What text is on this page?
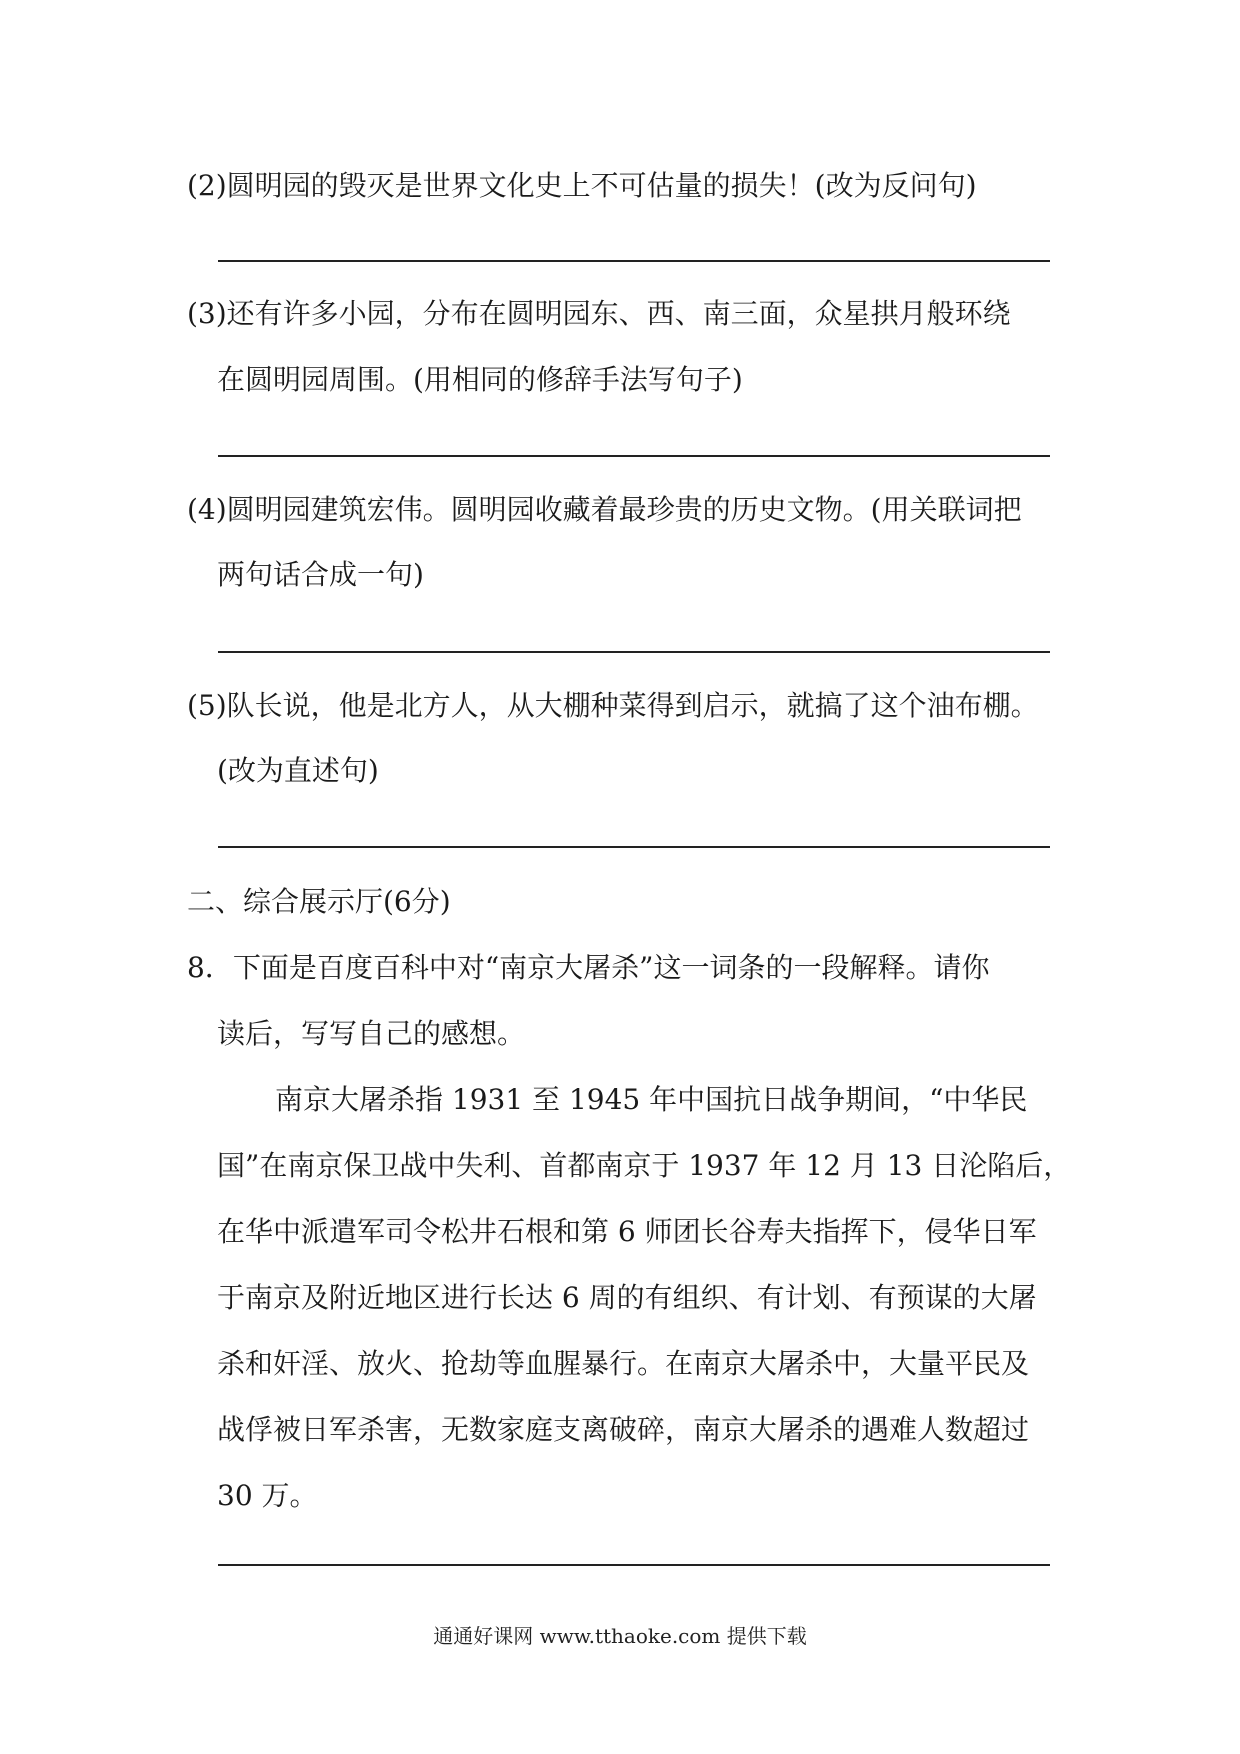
(2)圆明园的毁灭是世界文化史上不可估量的损失！(改为反问句)
(3)还有许多小园，分布在圆明园东、西、南三面，众星拱月般环绕
在圆明园周围。(用相同的修辞手法写句子)
(4)圆明园建筑宏伟。圆明园收藏着最珍贵的历史文物。(用关联词把
两句话合成一句)
(5)队长说，他是北方人，从大棚种菜得到启示，就搞了这个油布棚。
(改为直述句)
二、综合展示厅(6分)
8．下面是百度百科中对“南京大屠杀”这一词条的一段解释。请你
读后，写写自己的感想。
南京大屠杀指 1931 至 1945 年中国抗日战争期间，“中华民
国”在南京保卫战中失利、首都南京于 1937 年 12 月 13 日沦陷后，
在华中派遣军司令松井石根和第 6 师团长谷寿夫指挥下，侵华日军
于南京及附近地区进行长达 6 周的有组织、有计划、有预谋的大屠
杀和奸淫、放火、抢劫等血腥暴行。在南京大屠杀中，大量平民及
战俘被日军杀害，无数家庭支离破碎，南京大屠杀的遇难人数超过
30 万。
通通好课网 www.tthaoke.com 提供下载
